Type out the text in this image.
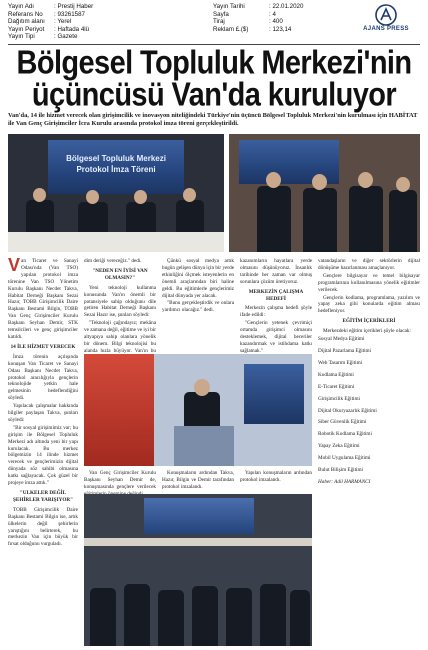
Yayın Adı	: Prestij Haber
Referans No : 93261587
Dağıtım alanı : Yerel
Yayın Periyot : Haftada 4lü
Yayın Tipi	: Gazete
Yayın Tarihi	: 22.01.2020
Sayfa	: 4
Tiraj	: 400
Reklam £.($)	: 123,14	AJANS PRESS
Bölgesel Topluluk Merkezi'nin
üçüncüsü Van'da kuruluyor
Van'da, 14 ile hizmet verecek olan girişimcilik ve inovasyon niteliğindeki Türkiye'nin üçüncü Bölgesel Topluluk Merkezi'nin kurulması için HABİTAT ile Van Genç Girişimciler İcra Kurulu arasında protokol imza töreni gerçekleştirildi.
Bölgesel Topluluk Merkezi
Protokol İmza Töreni

Van Ticaret ve Sanayi Odası'nda (Van TSO) yapılan protokol imza törenine Van TSO Yönetim Kurulu Başkanı Necdet Takva, Habitat Derneği Başkanı Sezai Hazır, TOBB Girişimcilik Daire Başkanı Bestami Bilgin, TOBB Van Genç Girişimciler Kurulu Başkanı Seyhan Demir, STK temsilcileri ve genç girişimciler katıldı.

14 İLE HİZMET VERECEK

İmza törenin açılışında konuşan Van Ticaret ve Sanayi Odası Başkanı Necdet Takva, protokol aracılığıyla gençlerin teknolojide yetkin hale gelmesinin hedeflendiğini söyledi.

Yapılacak çalışmalar hakkında bilgiler paylaşan Takva, şunları söyledi:

"Bir sosyal girişimimiz var; bu girişim ile Bölgesel Topluluk Merkezi adı altında yeni bir yapı kurulacak. Bu merkez bölgemizin 14 ilinde hizmet verecek ve gençlerimizin dijital dünyada söz sahibi olmasına katkı sağlayacak. Çok güzel bir projeye imza attık."

"ULKELER DEĞİL ŞEHİRLER YARIŞIYOR"

TOBB Girişimcilik Daire Başkanı Bestami Bilgin ise, artık ülkelerin değil şehirlerin yarıştığını belirterek, bu merkezin Van için büyük bir fırsat olduğunu vurguladı.

dim deriği vereceğiz." dedi.

"NEDEN EN İYİSİ VAN OLMASIN?"

Yeni teknoloji kullanma konusunda Van'ın önemli bir potansiyele sahip olduğunu dile getiren Habitat Derneği Başkanı Sezai Hazır ise, şunları söyledi:

"Teknoloji çağındayız; mekâna ve zamana değil, eğitime ve iyi bir altyapıya sahip olanlara yönelik bir dönem. Bilgi teknolojisi bu alanda hızla büyüyor. Van'ın bu

Çünkü sosyal medya artık bugün gelişen dünya için bir yerde etkinliğini ölçmek isteyenlerin en önemli araçlarından biri haline geldi. Bu eğitimlerle gençlerimiz dijital dünyada yer alacak.

"Bunu gerçekleştirdik ve onlara yardımcı olacağız." dedi.

kazanımların hayatlara yerde olmasını düşünüyoruz. İnsanlık tarihinde her zaman var olmuş sorunlara çözüm üretiyoruz.

MERKEZİN ÇALIŞMA HEDEFİ

Merkezin çalışma hedefi şöyle ifade edildi:

"Gençlerin yetenek çevrimiçi ortamda girişimci olmasını desteklemek, dijital beceriler kazandırmak ve istihdama katkı sağlamak."

Van Genç Girişimciler Kurulu Başkanı Seyhan Demir de, konuşmasında gençlere verilecek

Konuşmaların ardından Takva, Hazır, Bilgin ve Demir tarafından protokol imzalandı.

Yapılan konuşmaların ardından protokol imzalandı.

vatandaşların ve diğer sektörlerin dijital dönüşüme hazırlanması amaçlanıyor.

Gençlere bilgisayar ve temel bilgisayar programlarının kullanılmasına yönelik eğitimler verilecek.

Gençlerin kodlama, programlama, yazılım ve yapay zeka gibi konularda eğitim alması hedefleniyor.

EĞİTİM İÇERİKLERİ

Merkezdeki eğitim içerikleri şöyle olacak:

Sosyal Medya Eğitimi

Dijital Pazarlama Eğitimi

Web Tasarım Eğitimi

Kodlama Eğitimi

E-Ticaret Eğitimi

Girişimcilik Eğitimi

Dijital Okuryazarlık Eğitimi

Siber Güvenlik Eğitimi

Robotik Kodlama Eğitimi

Yapay Zeka Eğitimi

Mobil Uygulama Eğitimi

Bulut Bilişim Eğitimi

Haber: Adil HARMANCI
